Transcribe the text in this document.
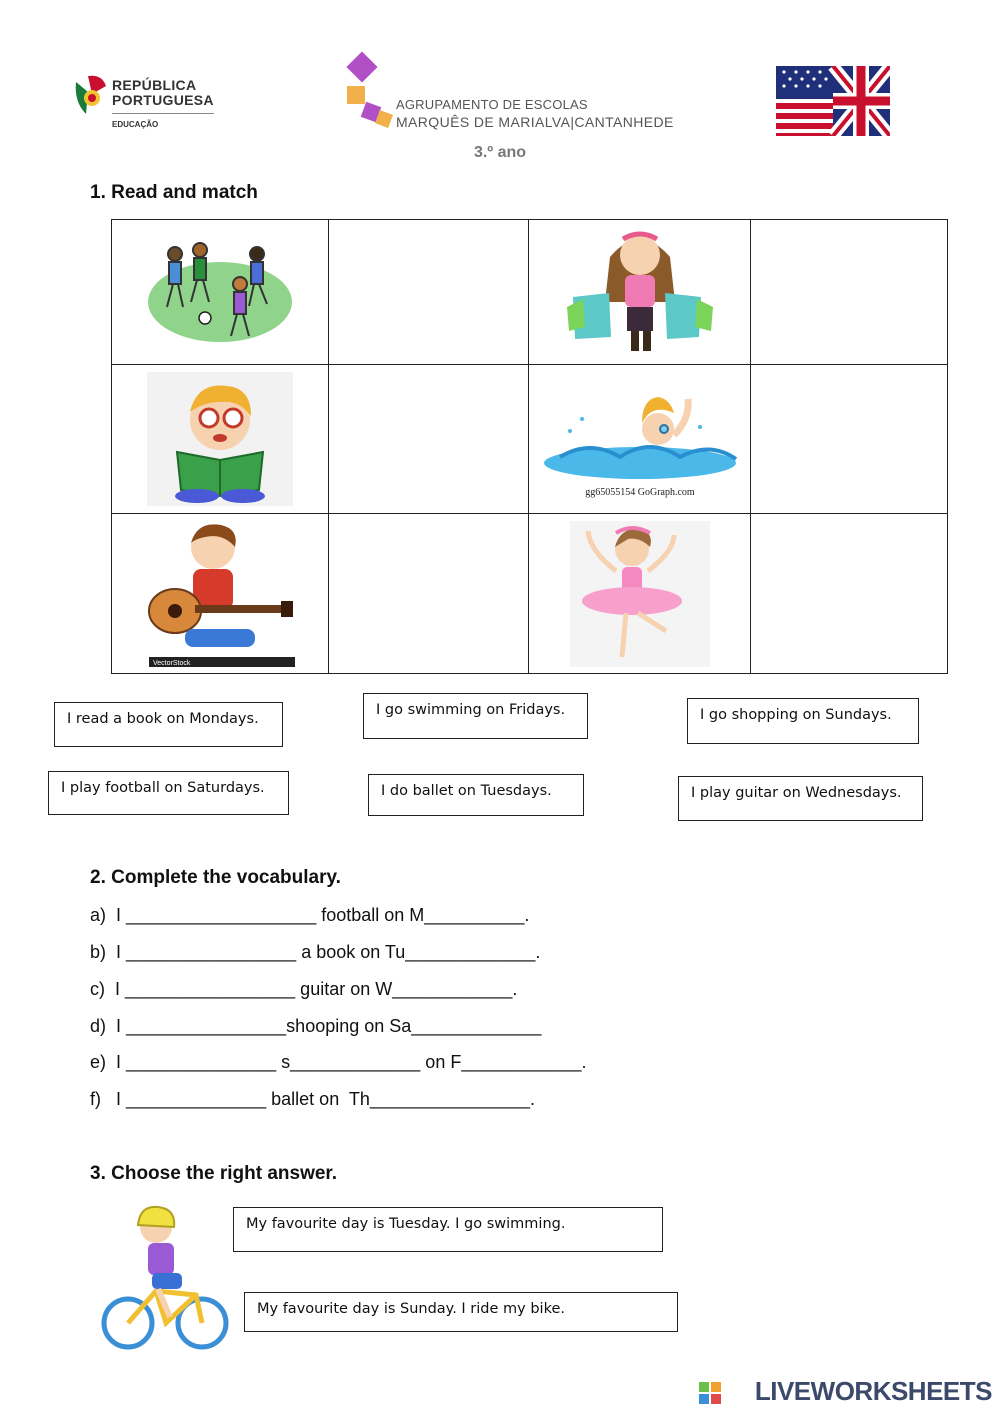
REPÚBLICA
PORTUGUESA
EDUCAÇÃO
AGRUPAMENTO DE ESCOLAS
MARQUÊS DE MARIALVA|CANTANHEDE
3.º ano
1. Read and match

gg65055154 GoGraph.com	

VectorStock

I read a book on Mondays.
I go swimming on Fridays.	I go shopping on Sundays.
I play football on Saturdays.	I do ballet on Tuesdays.	I play guitar on Wednesdays.
2. Complete the vocabulary.
a)  I ___________________ football on M__________.
b)  I _________________ a book on Tu_____________.
c)  I _________________ guitar on W____________.
d)  I ________________shooping on Sa_____________
e)  I _______________ s_____________ on F____________.
f)   I ______________ ballet on  Th________________.
3. Choose the right answer.
My favourite day is Tuesday. I go swimming.
My favourite day is Sunday. I ride my bike.
LIVEWORKSHEETS
